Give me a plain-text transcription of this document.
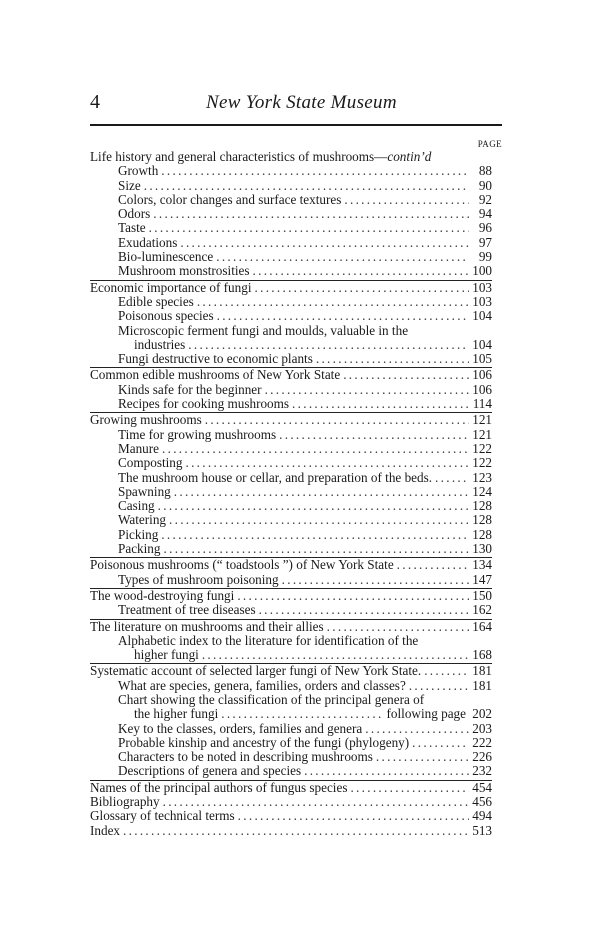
4	New York State Museum
PAGE
Life history and general characteristics of mushrooms—contin’d
Growth .....	88
Size .....	90
Colors, color changes and surface textures .....	92
Odors .....	94
Taste .....	96
Exudations .....	97
Bio-luminescence .....	99
Mushroom monstrosities .....	100
Economic importance of fungi .....	103
Edible species .....	103
Poisonous species .....	104
Microscopic ferment fungi and moulds, valuable in the
industries .....	104
Fungi destructive to economic plants .....	105
Common edible mushrooms of New York State .....	106
Kinds safe for the beginner .....	106
Recipes for cooking mushrooms .....	114
Growing mushrooms .....	121
Time for growing mushrooms .....	121
Manure .....	122
Composting .....	122
The mushroom house or cellar, and preparation of the beds. .....	123
Spawning .....	124
Casing .....	128
Watering .....	128
Picking .....	128
Packing .....	130
Poisonous mushrooms (“ toadstools ”) of New York State .....	134
Types of mushroom poisoning .....	147
The wood-destroying fungi .....	150
Treatment of tree diseases .....	162
The literature on mushrooms and their allies .....	164
Alphabetic index to the literature for identification of the
higher fungi .....	168
Systematic account of selected larger fungi of New York State. .....	181
What are species, genera, families, orders and classes? .....	181
Chart showing the classification of the principal genera of
the higher fungi .....	following page 202
Key to the classes, orders, families and genera .....	203
Probable kinship and ancestry of the fungi (phylogeny) .....	222
Characters to be noted in describing mushrooms .....	226
Descriptions of genera and species .....	232
Names of the principal authors of fungus species .....	454
Bibliography .....	456
Glossary of technical terms .....	494
Index .....	513
